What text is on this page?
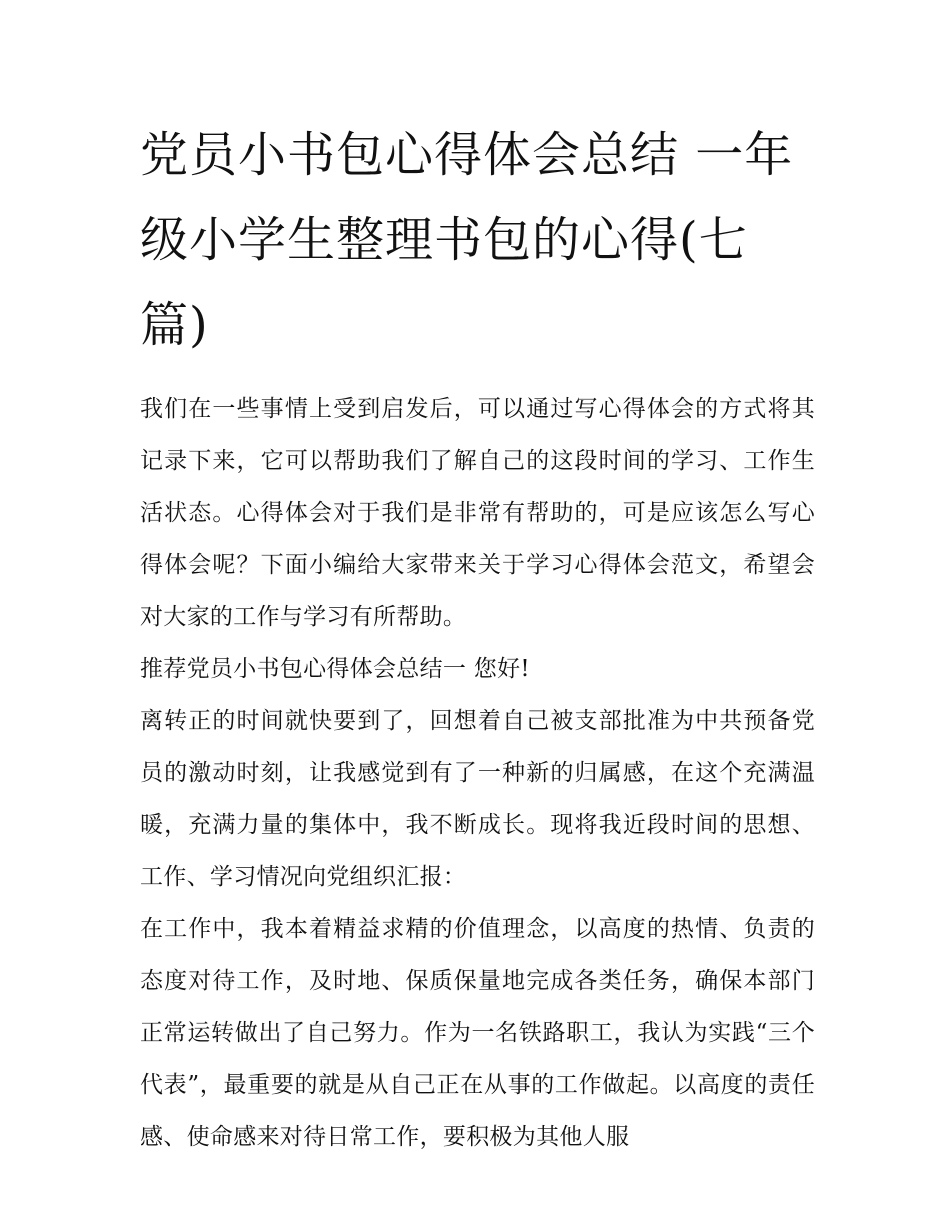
党员小书包心得体会总结 一年级小学生整理书包的心得(七篇)

我们在一些事情上受到启发后，可以通过写心得体会的方式将其记录下来，它可以帮助我们了解自己的这段时间的学习、工作生活状态。心得体会对于我们是非常有帮助的，可是应该怎么写心得体会呢？下面小编给大家带来关于学习心得体会范文，希望会对大家的工作与学习有所帮助。

推荐党员小书包心得体会总结一 您好!

离转正的时间就快要到了，回想着自己被支部批准为中共预备党员的激动时刻，让我感觉到有了一种新的归属感，在这个充满温暖，充满力量的集体中，我不断成长。现将我近段时间的思想、工作、学习情况向党组织汇报：

在工作中，我本着精益求精的价值理念，以高度的热情、负责的态度对待工作，及时地、保质保量地完成各类任务，确保本部门正常运转做出了自己努力。作为一名铁路职工，我认为实践“三个代表”，最重要的就是从自己正在从事的工作做起。以高度的责任感、使命感来对待日常工作，要积极为其他人服
